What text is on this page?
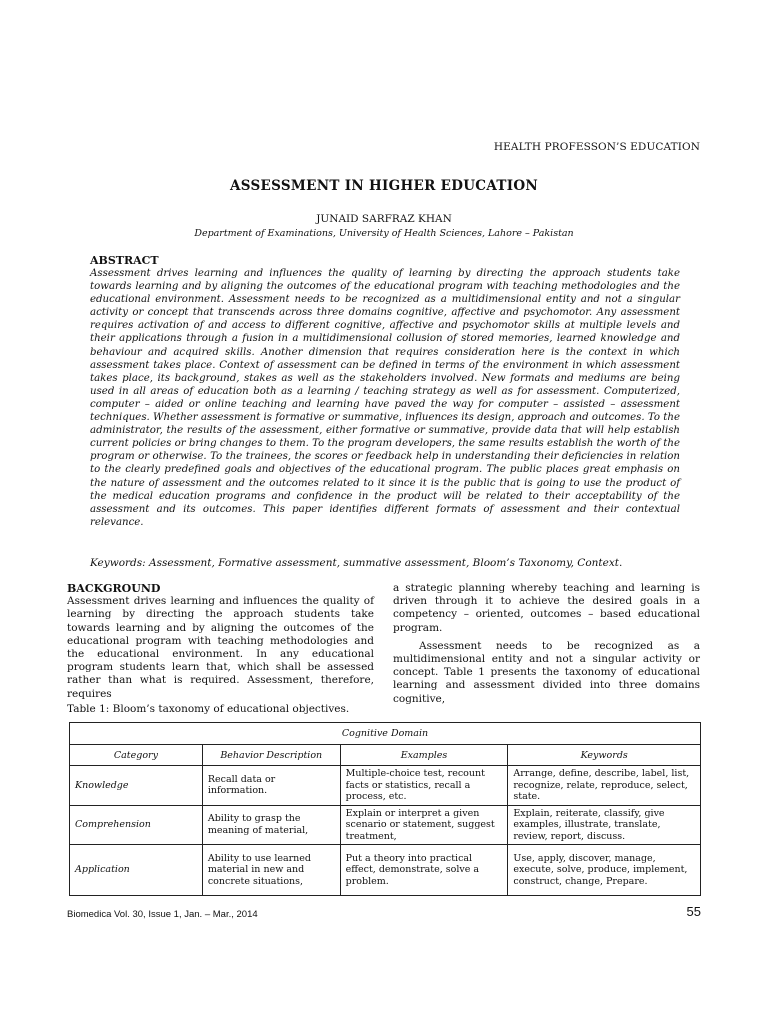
HEALTH PROFESSON’S EDUCATION
ASSESSMENT IN HIGHER EDUCATION
JUNAID SARFRAZ KHAN
Department of Examinations, University of Health Sciences, Lahore – Pakistan
ABSTRACT
Assessment drives learning and influences the quality of learning by directing the approach students take towards learning and by aligning the outcomes of the educational program with teaching methodologies and the educational environment. Assessment needs to be recognized as a multidimensional entity and not a singular activity or concept that transcends across three domains cognitive, affective and psychomotor. Any assessment requires activation of and access to different cognitive, affective and psychomotor skills at multiple levels and their applications through a fusion in a multidimensional collusion of stored memories, learned knowledge and behaviour and acquired skills. Another dimension that requires consideration here is the context in which assessment takes place. Context of assessment can be defined in terms of the environment in which assessment takes place, its background, stakes as well as the stakeholders involved. New formats and mediums are being used in all areas of education both as a learning / teaching strategy as well as for assessment. Computerized, computer – aided or online teaching and learning have paved the way for computer – assisted – assessment techniques. Whether assessment is formative or summative, influences its design, approach and outcomes. To the administrator, the results of the assessment, either formative or summative, provide data that will help establish current policies or bring changes to them. To the program developers, the same results establish the worth of the program or otherwise. To the trainees, the scores or feedback help in understanding their deficiencies in relation to the clearly predefined goals and objectives of the educational program. The public places great emphasis on the nature of assessment and the outcomes related to it since it is the public that is going to use the product of the medical education programs and confidence in the product will be related to their acceptability of the assessment and its outcomes. This paper identifies different formats of assessment and their contextual relevance.
Keywords: Assessment, Formative assessment, summative assessment, Bloom’s Taxonomy, Context.
BACKGROUND

Assessment drives learning and influences the quality of learning by directing the approach students take towards learning and by aligning the outcomes of the educational program with teaching methodologies and the educational environment. In any educational program students learn that, which shall be assessed rather than what is required. Assessment, therefore, requires

a strategic planning whereby teaching and learning is driven through it to achieve the desired goals in a competency – oriented, outcomes – based educational program.

Assessment needs to be recognized as a multidimensional entity and not a singular activity or concept. Table 1 presents the taxonomy of educational learning and assessment divided into three domains cognitive,

Table 1: Bloom’s taxonomy of educational objectives.
Cognitive Domain			
Category	Behavior Description	Examples	Keywords
Knowledge	Recall data or information.	Multiple-choice test, recount facts or statistics, recall a process, etc.	Arrange, define, describe, label, list, recognize, relate, reproduce, select, state.
Comprehension	Ability to grasp the meaning of material,	Explain or interpret a given scenario or statement, suggest treatment,	Explain, reiterate, classify, give examples, illustrate, translate, review, report, discuss.
Application	Ability to use learned material in new and concrete situations,	Put a theory into practical effect, demonstrate, solve a problem.	Use, apply, discover, manage, execute, solve, produce, implement, construct, change, Prepare.
Biomedica Vol. 30, Issue 1, Jan. – Mar., 2014	55
